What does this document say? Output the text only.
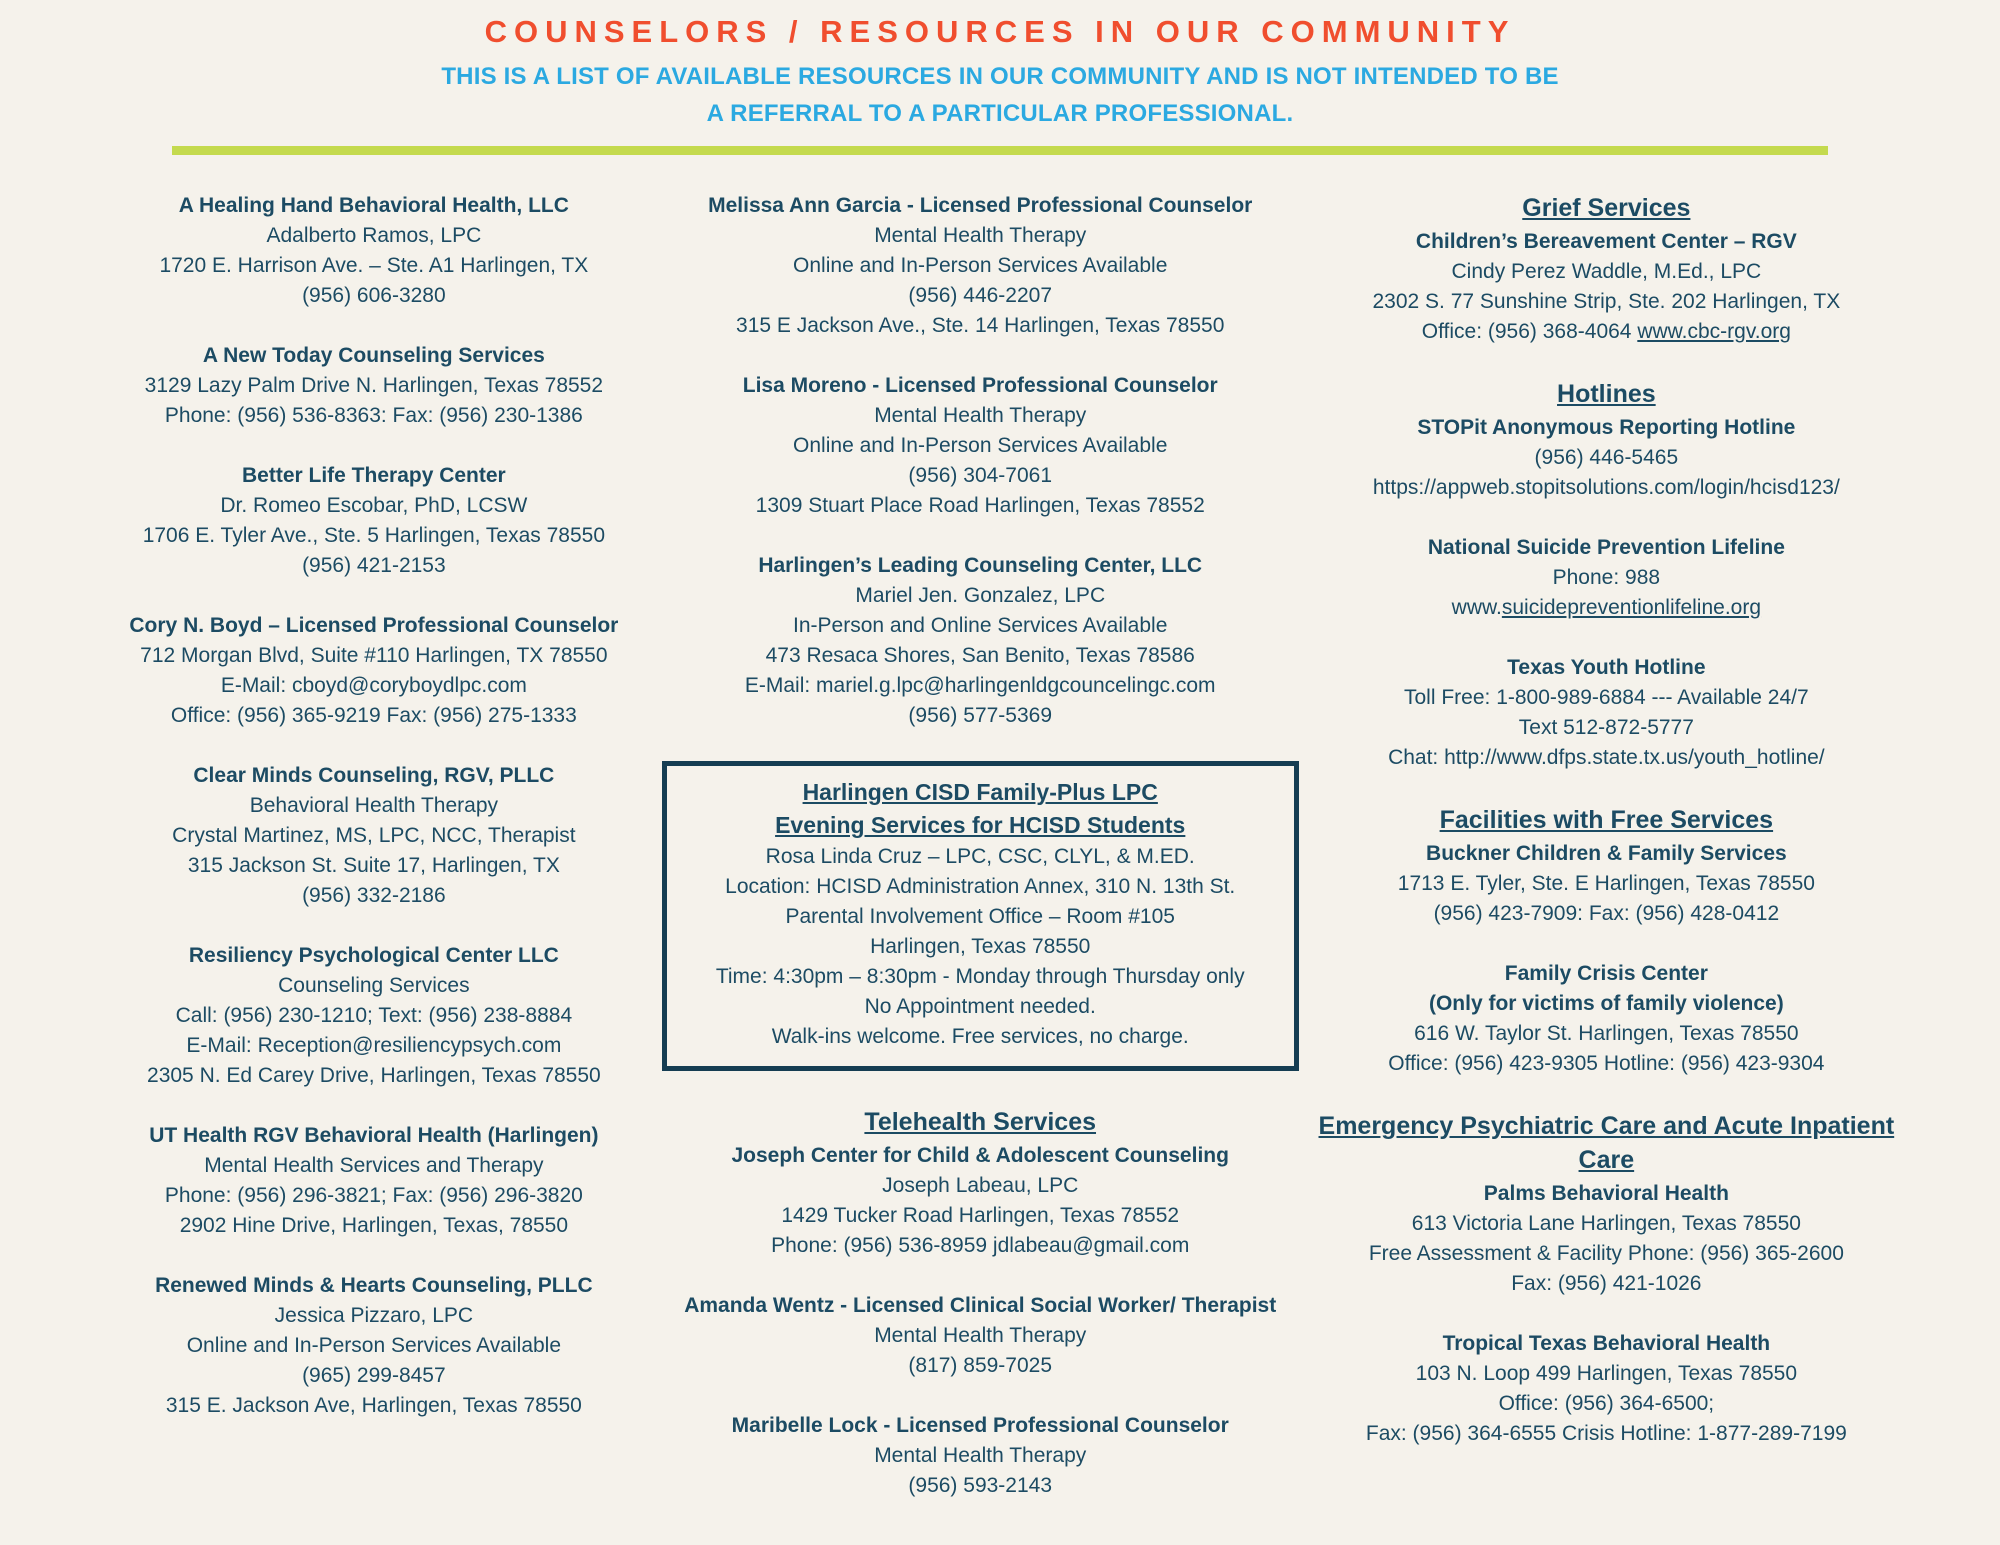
COUNSELORS / RESOURCES IN OUR COMMUNITY
THIS IS A LIST OF AVAILABLE RESOURCES IN OUR COMMUNITY AND IS NOT INTENDED TO BE A REFERRAL TO A PARTICULAR PROFESSIONAL.
A Healing Hand Behavioral Health, LLC
Adalberto Ramos, LPC
1720 E. Harrison Ave. – Ste. A1 Harlingen, TX
(956) 606-3280
A New Today Counseling Services
3129 Lazy Palm Drive N. Harlingen, Texas 78552
Phone: (956) 536-8363: Fax: (956) 230-1386
Better Life Therapy Center
Dr. Romeo Escobar, PhD, LCSW
1706 E. Tyler Ave., Ste. 5 Harlingen, Texas 78550
(956) 421-2153
Cory N. Boyd – Licensed Professional Counselor
712 Morgan Blvd, Suite #110 Harlingen, TX 78550
E-Mail: cboyd@coryboydlpc.com
Office: (956) 365-9219 Fax: (956) 275-1333
Clear Minds Counseling, RGV, PLLC
Behavioral Health Therapy
Crystal Martinez, MS, LPC, NCC, Therapist
315 Jackson St. Suite 17, Harlingen, TX
(956) 332-2186
Resiliency Psychological Center LLC
Counseling Services
Call: (956) 230-1210; Text: (956) 238-8884
E-Mail: Reception@resiliencypsych.com
2305 N. Ed Carey Drive, Harlingen, Texas 78550
UT Health RGV Behavioral Health (Harlingen)
Mental Health Services and Therapy
Phone: (956) 296-3821; Fax: (956) 296-3820
2902 Hine Drive, Harlingen, Texas, 78550
Renewed Minds & Hearts Counseling, PLLC
Jessica Pizzaro, LPC
Online and In-Person Services Available
(965) 299-8457
315 E. Jackson Ave, Harlingen, Texas 78550
Melissa Ann Garcia - Licensed Professional Counselor
Mental Health Therapy
Online and In-Person Services Available
(956) 446-2207
315 E Jackson Ave., Ste. 14 Harlingen, Texas 78550
Lisa Moreno - Licensed Professional Counselor
Mental Health Therapy
Online and In-Person Services Available
(956) 304-7061
1309 Stuart Place Road Harlingen, Texas 78552
Harlingen’s Leading Counseling Center, LLC
Mariel Jen. Gonzalez, LPC
In-Person and Online Services Available
473 Resaca Shores, San Benito, Texas 78586
E-Mail: mariel.g.lpc@harlingenldgcouncelingc.com
(956) 577-5369
Harlingen CISD Family-Plus LPC
Evening Services for HCISD Students
Rosa Linda Cruz – LPC, CSC, CLYL, & M.ED.
Location: HCISD Administration Annex, 310 N. 13th St.
Parental Involvement Office – Room #105
Harlingen, Texas 78550
Time: 4:30pm – 8:30pm - Monday through Thursday only
No Appointment needed.
Walk-ins welcome. Free services, no charge.
Telehealth Services
Joseph Center for Child & Adolescent Counseling
Joseph Labeau, LPC
1429 Tucker Road Harlingen, Texas 78552
Phone: (956) 536-8959 jdlabeau@gmail.com
Amanda Wentz - Licensed Clinical Social Worker/ Therapist
Mental Health Therapy
(817) 859-7025
Maribelle Lock - Licensed Professional Counselor
Mental Health Therapy
(956) 593-2143
Grief Services
Children’s Bereavement Center – RGV
Cindy Perez Waddle, M.Ed., LPC
2302 S. 77 Sunshine Strip, Ste. 202 Harlingen, TX
Office: (956) 368-4064 www.cbc-rgv.org
Hotlines
STOPit Anonymous Reporting Hotline
(956) 446-5465
https://appweb.stopitsolutions.com/login/hcisd123/
National Suicide Prevention Lifeline
Phone: 988
www.suicidepreventionlifeline.org
Texas Youth Hotline
Toll Free: 1-800-989-6884 --- Available 24/7
Text 512-872-5777
Chat: http://www.dfps.state.tx.us/youth_hotline/
Facilities with Free Services
Buckner Children & Family Services
1713 E. Tyler, Ste. E Harlingen, Texas 78550
(956) 423-7909: Fax: (956) 428-0412
Family Crisis Center
(Only for victims of family violence)
616 W. Taylor St. Harlingen, Texas 78550
Office: (956) 423-9305 Hotline: (956) 423-9304
Emergency Psychiatric Care and Acute Inpatient Care
Palms Behavioral Health
613 Victoria Lane Harlingen, Texas 78550
Free Assessment & Facility Phone: (956) 365-2600
Fax: (956) 421-1026
Tropical Texas Behavioral Health
103 N. Loop 499 Harlingen, Texas 78550
Office: (956) 364-6500;
Fax: (956) 364-6555 Crisis Hotline: 1-877-289-7199
